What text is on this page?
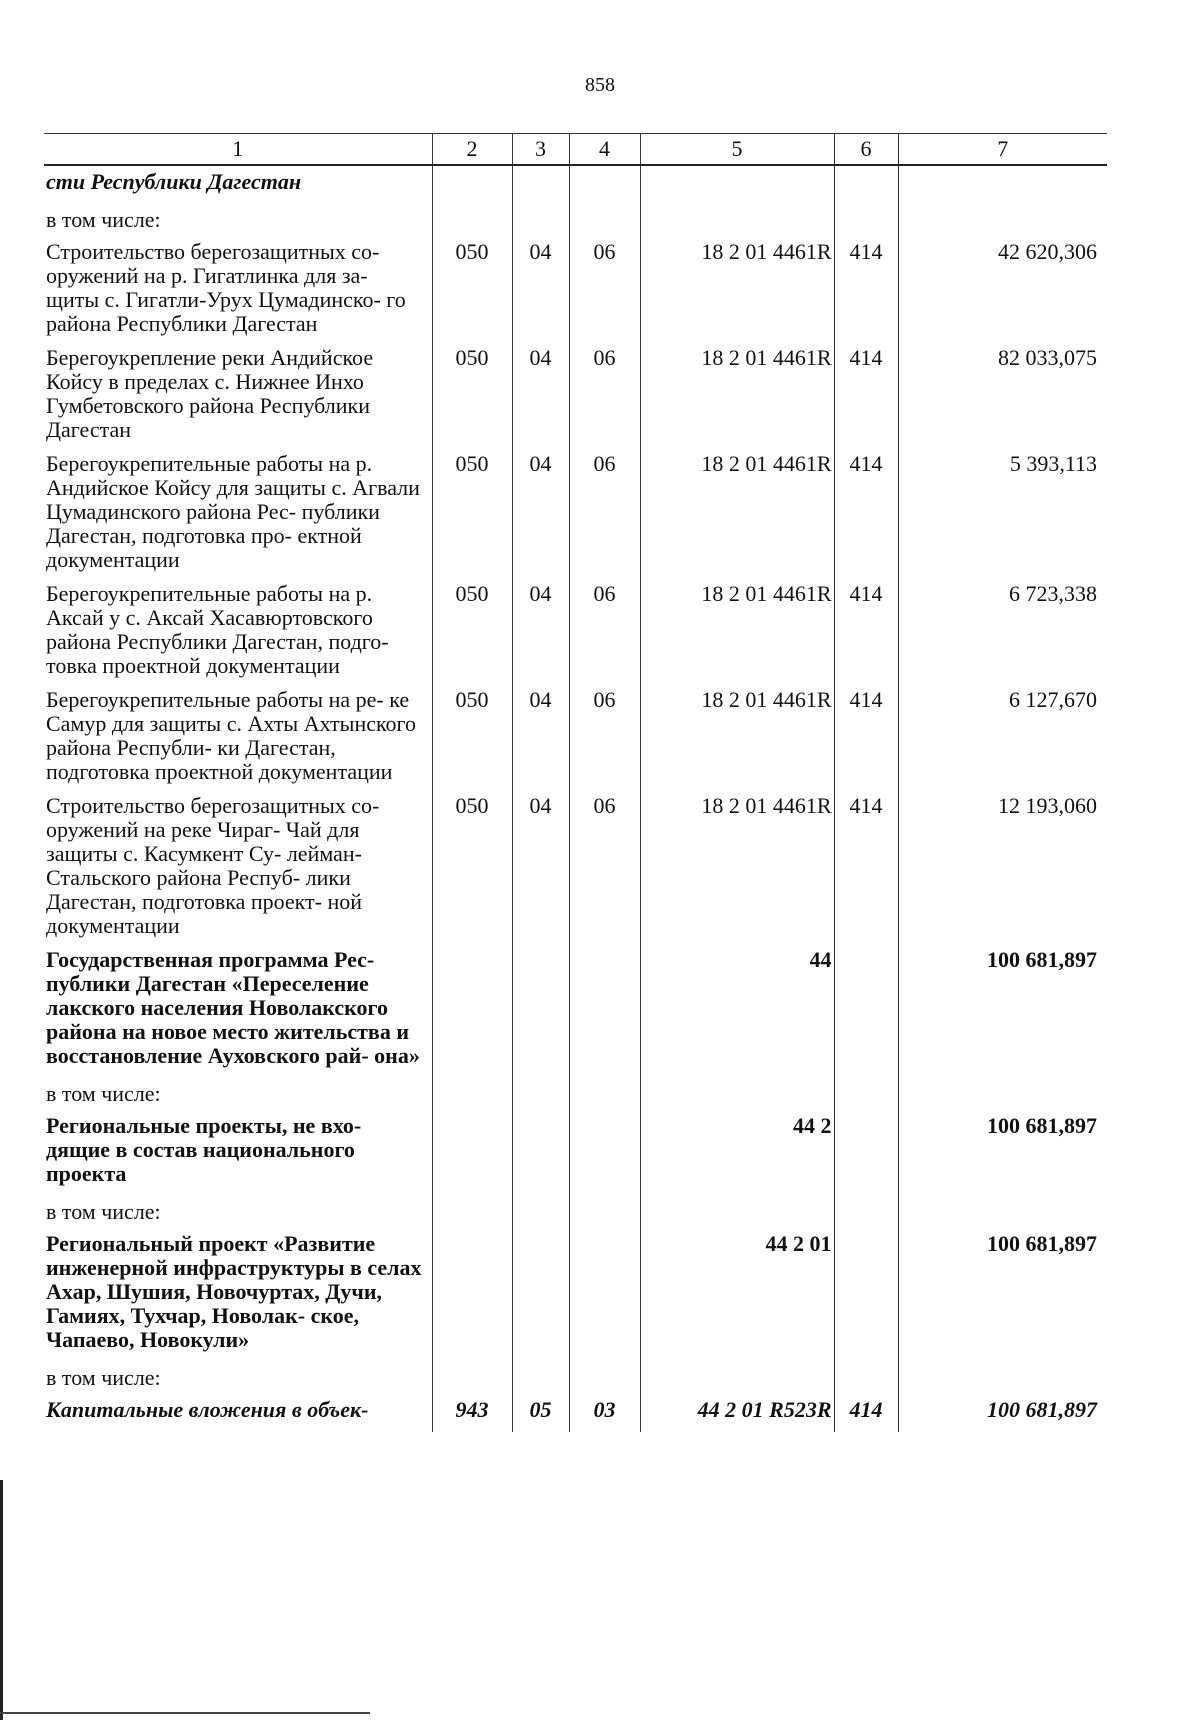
858
1	2	3	4	5	6	7
сти Республики Дагестан						
в том числе:						
Строительство берегозащитных со- оружений на р. Гигатлинка для за- щиты с. Гигатли-Урух Цумадинско- го района Республики Дагестан	050	04	06	18 2 01 4461R	414	42 620,306
Берегоукрепление реки Андийское Койсу в пределах с. Нижнее Инхо Гумбетовского района Республики Дагестан	050	04	06	18 2 01 4461R	414	82 033,075
Берегоукрепительные работы на р. Андийское Койсу для защиты с. Агвали Цумадинского района Рес- публики Дагестан, подготовка про- ектной документации	050	04	06	18 2 01 4461R	414	5 393,113
Берегоукрепительные работы на р. Аксай у с. Аксай Хасавюртовского района Республики Дагестан, подго- товка проектной документации	050	04	06	18 2 01 4461R	414	6 723,338
Берегоукрепительные работы на ре- ке Самур для защиты с. Ахты Ахтынского района Республи- ки Дагестан, подготовка проектной документации	050	04	06	18 2 01 4461R	414	6 127,670
Строительство берегозащитных со- оружений на реке Чираг- Чай для защиты с. Касумкент Су- лейман-Стальского района Респуб- лики Дагестан, подготовка проект- ной документации	050	04	06	18 2 01 4461R	414	12 193,060
Государственная программа Рес- публики Дагестан «Переселение лакского населения Новолакского района на новое место жительства и восстановление Ауховского рай- она»				44		100 681,897
в том числе:						
Региональные проекты, не вхо- дящие в состав национального проекта				44 2		100 681,897
в том числе:						
Региональный проект «Развитие инженерной инфраструктуры в селах Ахар, Шушия, Новочуртах, Дучи, Гамиях, Тухчар, Новолак- ское, Чапаево, Новокули»				44 2 01		100 681,897
в том числе:						
Капитальные вложения в объек-	943	05	03	44 2 01 R523R	414	100 681,897
